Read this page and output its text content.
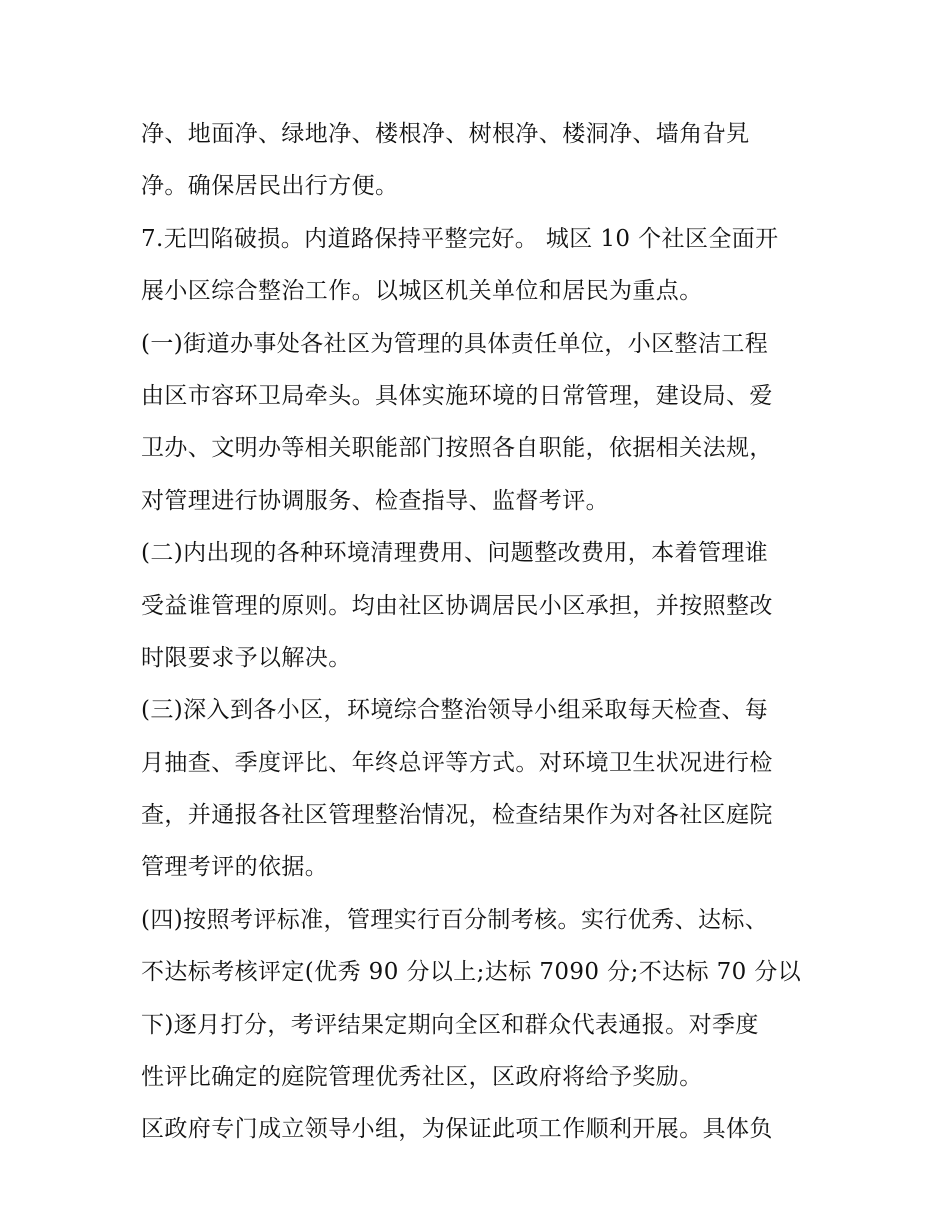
净、地面净、绿地净、楼根净、树根净、楼洞净、墙角旮旯
净。确保居民出行方便。
7.无凹陷破损。内道路保持平整完好。 城区 10 个社区全面开
展小区综合整治工作。以城区机关单位和居民为重点。
(一)街道办事处各社区为管理的具体责任单位，小区整洁工程
由区市容环卫局牵头。具体实施环境的日常管理，建设局、爱
卫办、文明办等相关职能部门按照各自职能，依据相关法规，
对管理进行协调服务、检查指导、监督考评。
(二)内出现的各种环境清理费用、问题整改费用，本着管理谁
受益谁管理的原则。均由社区协调居民小区承担，并按照整改
时限要求予以解决。
(三)深入到各小区，环境综合整治领导小组采取每天检查、每
月抽查、季度评比、年终总评等方式。对环境卫生状况进行检
查，并通报各社区管理整治情况，检查结果作为对各社区庭院
管理考评的依据。
(四)按照考评标准，管理实行百分制考核。实行优秀、达标、
不达标考核评定(优秀 90 分以上;达标 7090 分;不达标 70 分以
下)逐月打分，考评结果定期向全区和群众代表通报。对季度
性评比确定的庭院管理优秀社区，区政府将给予奖励。
区政府专门成立领导小组，为保证此项工作顺利开展。具体负
